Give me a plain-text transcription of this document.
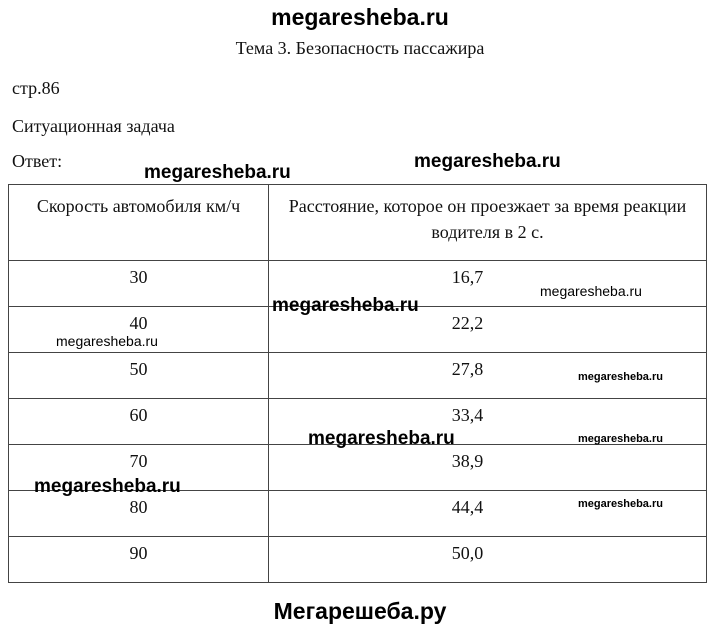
megaresheba.ru
Тема 3. Безопасность пассажира
стр.86
Ситуационная задача
Ответ:
Скорость автомобиля км/ч	Расстояние, которое он проезжает за время реакции водителя в 2 с.
30	16,7
40	22,2
50	27,8
60	33,4
70	38,9
80	44,4
90	50,0
megaresheba.ru
megaresheba.ru
megaresheba.ru
megaresheba.ru
megaresheba.ru
megaresheba.ru
megaresheba.ru	megaresheba.ru
megaresheba.ru
megaresheba.ru
Мегарешеба.ру
